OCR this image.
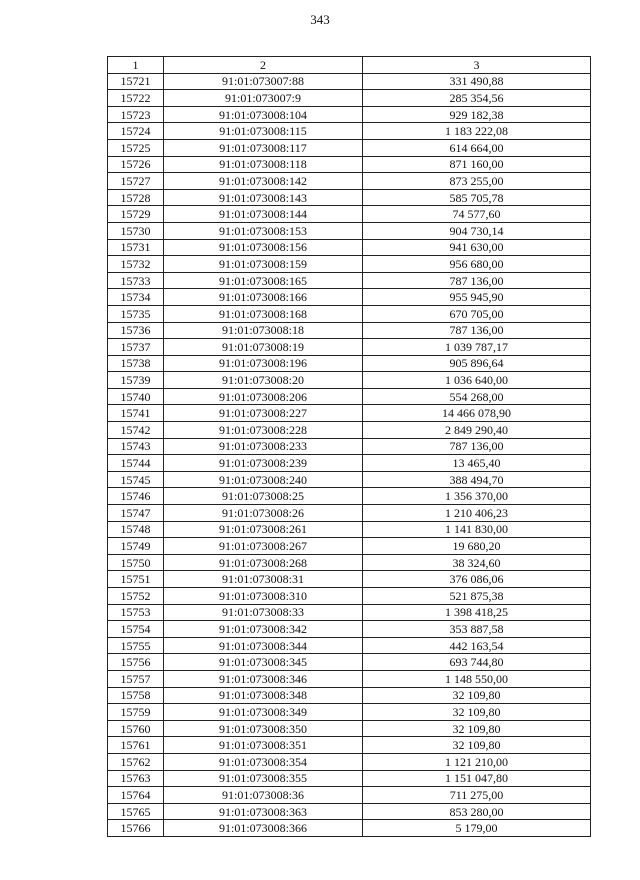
343
1	2	3
15721	91:01:073007:88	331 490,88
15722	91:01:073007:9	285 354,56
15723	91:01:073008:104	929 182,38
15724	91:01:073008:115	1 183 222,08
15725	91:01:073008:117	614 664,00
15726	91:01:073008:118	871 160,00
15727	91:01:073008:142	873 255,00
15728	91:01:073008:143	585 705,78
15729	91:01:073008:144	74 577,60
15730	91:01:073008:153	904 730,14
15731	91:01:073008:156	941 630,00
15732	91:01:073008:159	956 680,00
15733	91:01:073008:165	787 136,00
15734	91:01:073008:166	955 945,90
15735	91:01:073008:168	670 705,00
15736	91:01:073008:18	787 136,00
15737	91:01:073008:19	1 039 787,17
15738	91:01:073008:196	905 896,64
15739	91:01:073008:20	1 036 640,00
15740	91:01:073008:206	554 268,00
15741	91:01:073008:227	14 466 078,90
15742	91:01:073008:228	2 849 290,40
15743	91:01:073008:233	787 136,00
15744	91:01:073008:239	13 465,40
15745	91:01:073008:240	388 494,70
15746	91:01:073008:25	1 356 370,00
15747	91:01:073008:26	1 210 406,23
15748	91:01:073008:261	1 141 830,00
15749	91:01:073008:267	19 680,20
15750	91:01:073008:268	38 324,60
15751	91:01:073008:31	376 086,06
15752	91:01:073008:310	521 875,38
15753	91:01:073008:33	1 398 418,25
15754	91:01:073008:342	353 887,58
15755	91:01:073008:344	442 163,54
15756	91:01:073008:345	693 744,80
15757	91:01:073008:346	1 148 550,00
15758	91:01:073008:348	32 109,80
15759	91:01:073008:349	32 109,80
15760	91:01:073008:350	32 109,80
15761	91:01:073008:351	32 109,80
15762	91:01:073008:354	1 121 210,00
15763	91:01:073008:355	1 151 047,80
15764	91:01:073008:36	711 275,00
15765	91:01:073008:363	853 280,00
15766	91:01:073008:366	5 179,00
